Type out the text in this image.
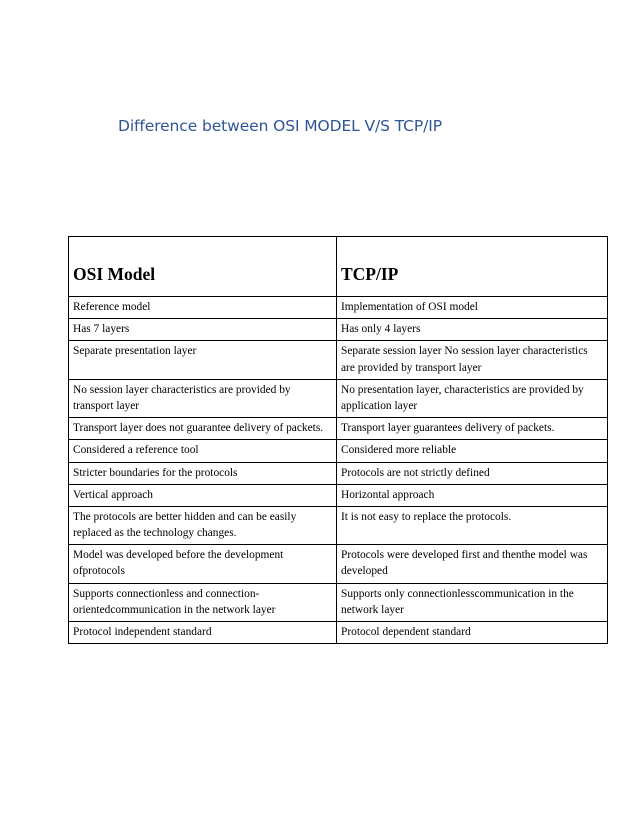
Difference between OSI MODEL V/S TCP/IP
OSI Model	TCP/IP
Reference model	Implementation of OSI model
Has 7 layers	Has only 4 layers
Separate presentation layer	Separate session layer No session layer characteristics are provided by transport layer
No session layer characteristics are provided by transport layer	No presentation layer, characteristics are provided by application layer
Transport layer does not guarantee delivery of packets.	Transport layer guarantees delivery of packets.
Considered a reference tool	Considered more reliable
Stricter boundaries for the protocols	Protocols are not strictly defined
Vertical approach	Horizontal approach
The protocols are better hidden and can be easily replaced as the technology changes.	It is not easy to replace the protocols.
Model was developed before the development ofprotocols	Protocols were developed first and thenthe model was developed
Supports connectionless and connection-orientedcommunication in the network layer	Supports only connectionlesscommunication in the network layer
Protocol independent standard	Protocol dependent standard
